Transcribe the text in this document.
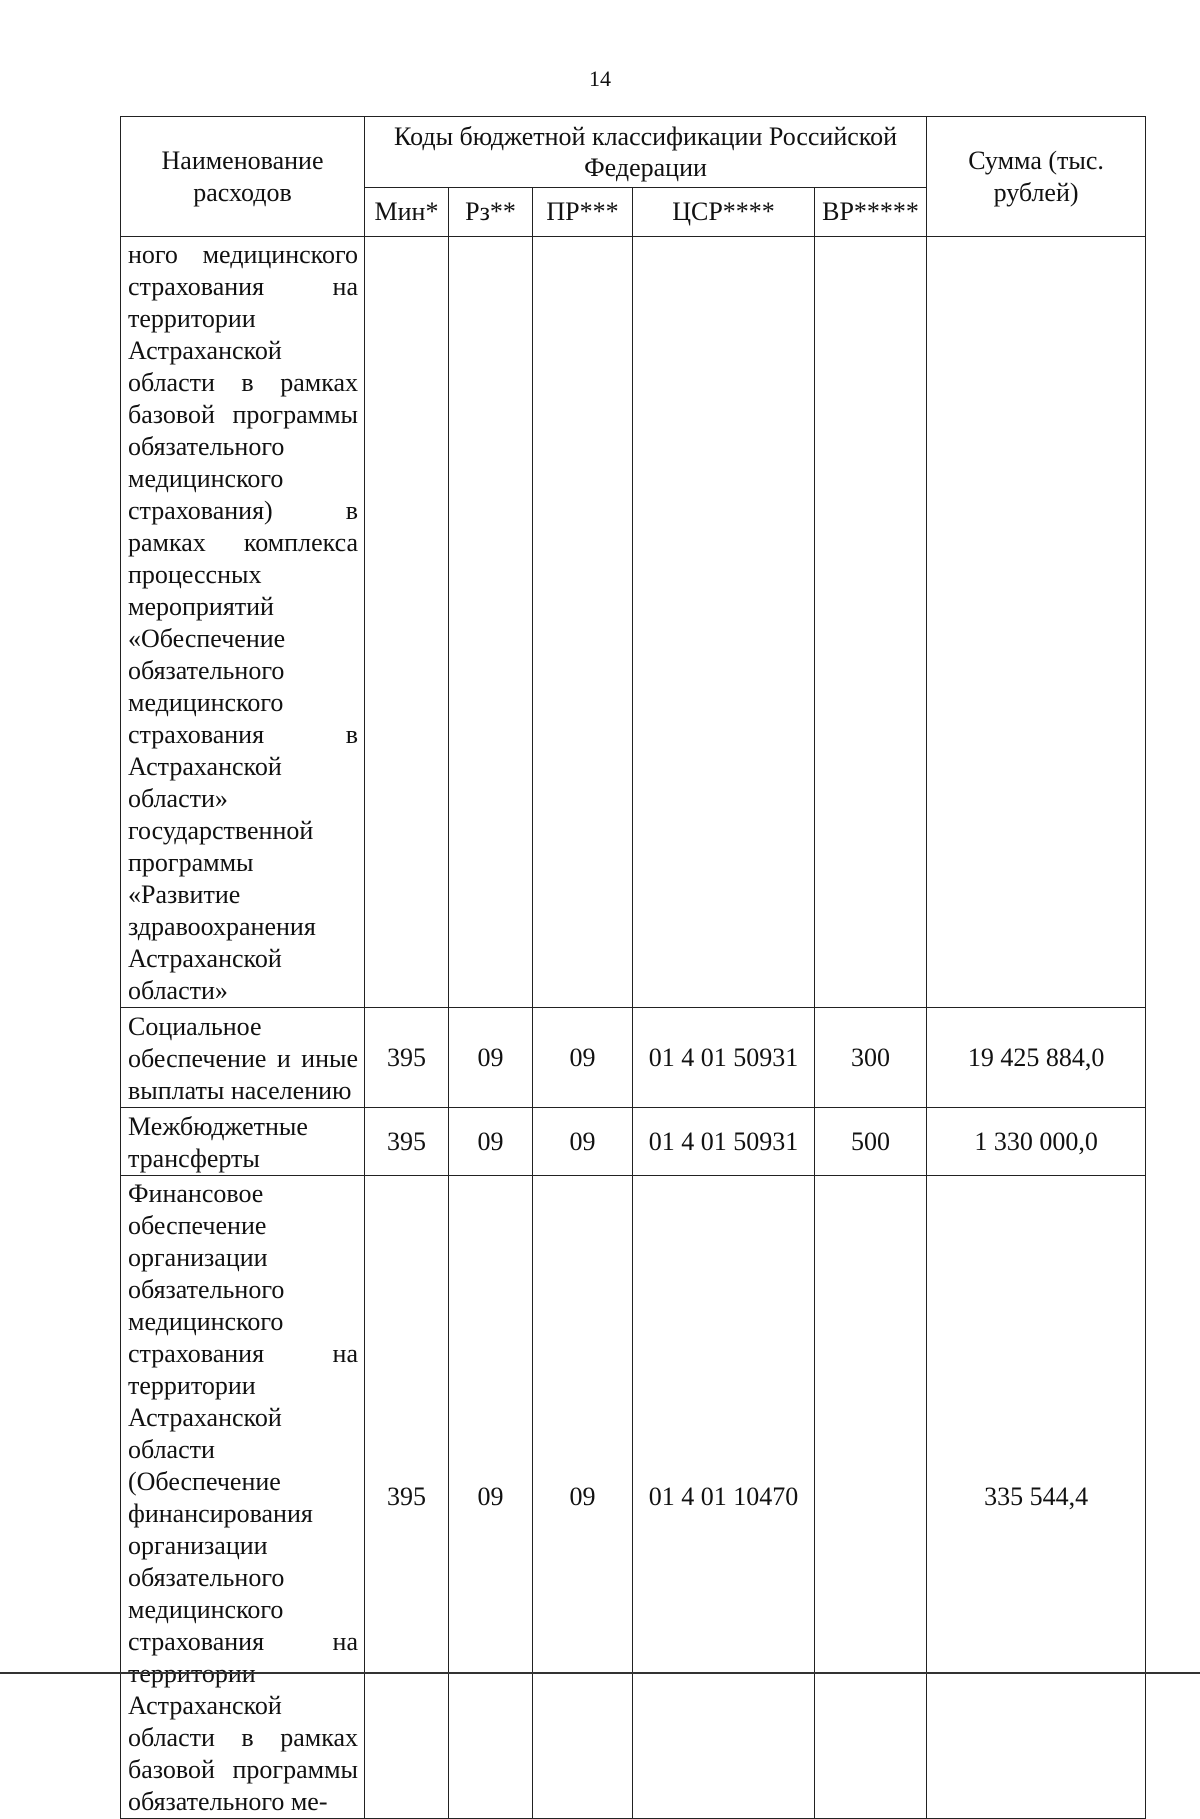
14
Наименование расходов	Коды бюджетной классификации Российской Федерации					Сумма (тыс. рублей)
	Мин*	Рз**	ПР***	ЦСР****	ВР*****	
ного медицинского страхования на территории Астраханской области в рамках базовой программы обязательного медицинского страхования) в рамках комплекса процессных мероприятий «Обеспечение обязательного медицинского страхования в Астраханской области» государственной программы «Развитие здравоохранения Астраханской области»						
Социальное обеспечение и иные выплаты населению	395	09	09	01 4 01 50931	300	19 425 884,0
Межбюджетные трансферты	395	09	09	01 4 01 50931	500	1 330 000,0
Финансовое обеспечение организации обязательного медицинского страхования на территории Астраханской области (Обеспечение финансирования организации обязательного медицинского страхования на территории Астраханской области в рамках базовой программы обязательного ме-	395	09	09	01 4 01 10470		335 544,4
